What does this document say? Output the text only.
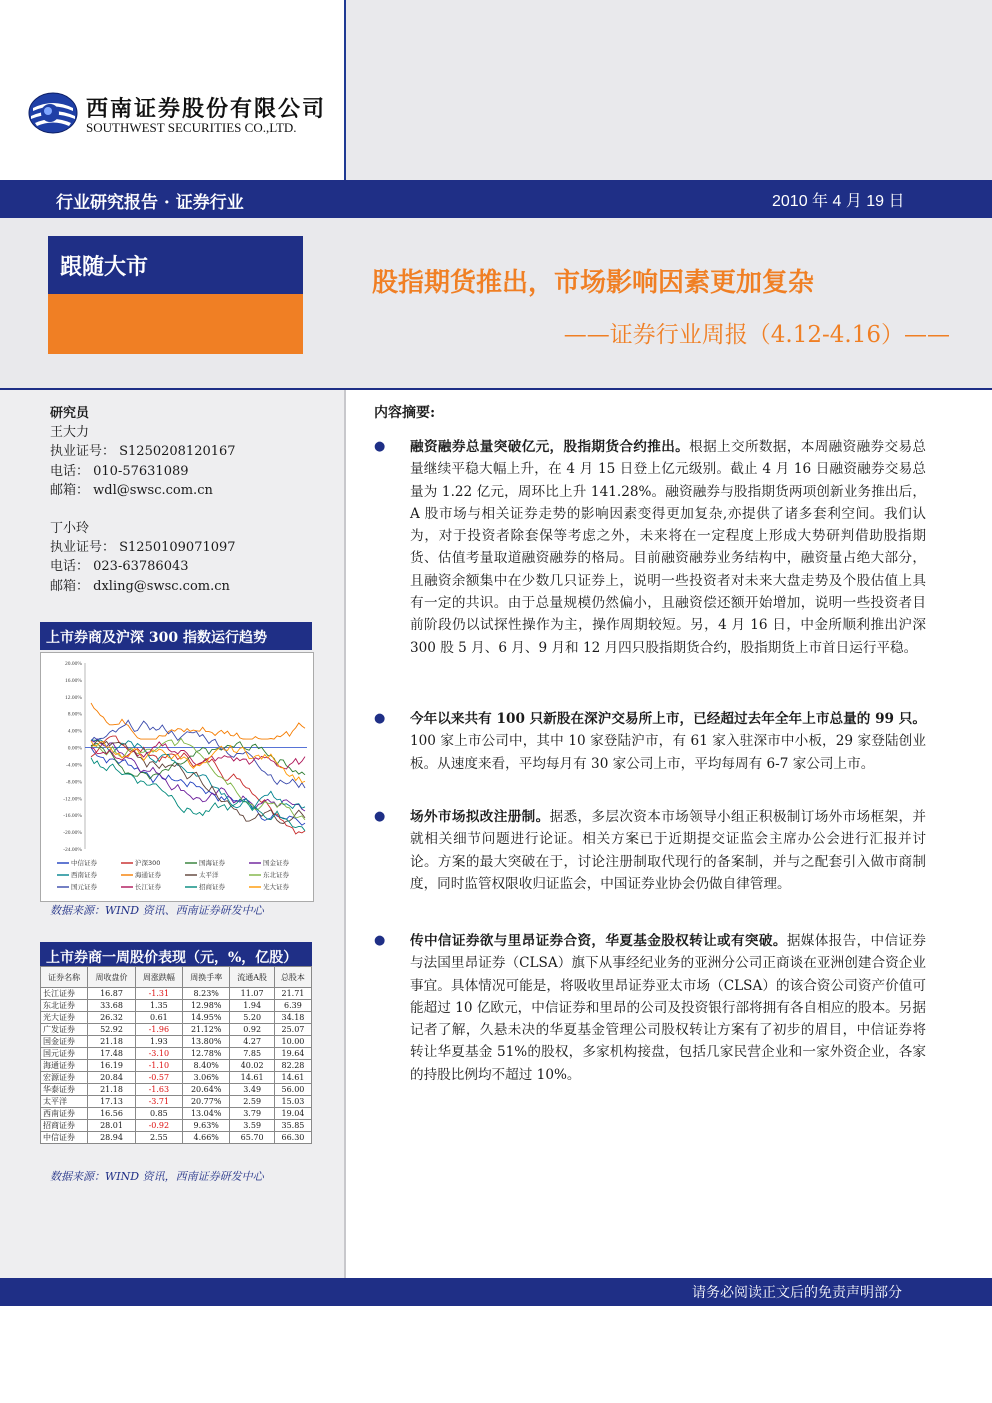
西南证券股份有限公司
SOUTHWEST SECURITIES CO.,LTD.
行业研究报告 · 证券行业	2010 年 4 月 19 日
跟随大市
股指期货推出，市场影响因素更加复杂
——证券行业周报（4.12-4.16）——
研究员
王大力
执业证号： S1250208120167
电话： 010-57631089
邮箱： wdl@swsc.com.cn
丁小玲
执业证号： S1250109071097
电话： 023-63786043
邮箱： dxling@swsc.com.cn
上市券商及沪深 300 指数运行趋势
20.00%
16.00%
12.00%
8.00%
4.00%
0.00%
-4.00%
-8.00%
-12.00%
-16.00%
-20.00%
-24.00%
中信证券	沪深300	国海证券	国金证券
西南证券	海通证券	太平洋	东北证券
国元证券	长江证券	招商证券	光大证券
数据来源：WIND 资讯、西南证券研发中心
上市券商一周股价表现（元，%，亿股）
证券名称	周收盘价	周涨跌幅	周换手率	流通A股	总股本
长江证券	16.87	-1.31	8.23%	11.07	21.71
东北证券	33.68	1.35	12.98%	1.94	6.39
光大证券	26.32	0.61	14.95%	5.20	34.18
广发证券	52.92	-1.96	21.12%	0.92	25.07
国金证券	21.18	1.93	13.80%	4.27	10.00
国元证券	17.48	-3.10	12.78%	7.85	19.64
海通证券	16.19	-1.10	8.40%	40.02	82.28
宏源证券	20.84	-0.57	3.06%	14.61	14.61
华泰证券	21.18	-1.63	20.64%	3.49	56.00
太平洋	17.13	-3.71	20.77%	2.59	15.03
西南证券	16.56	0.85	13.04%	3.79	19.04
招商证券	28.01	-0.92	9.63%	3.59	35.85
中信证券	28.94	2.55	4.66%	65.70	66.30
数据来源：WIND 资讯，西南证券研发中心
内容摘要:
● 融资融券总量突破亿元，股指期货合约推出。根据上交所数据，本周融资融券交易总量继续平稳大幅上升，在 4 月 15 日登上亿元级别。截止 4 月 16 日融资融券交易总量为 1.22 亿元，周环比上升 141.28%。融资融券与股指期货两项创新业务推出后，A 股市场与相关证券走势的影响因素变得更加复杂,亦提供了诸多套利空间。我们认为，对于投资者除套保等考虑之外，未来将在一定程度上形成大势研判借助股指期货、估值考量取道融资融券的格局。目前融资融券业务结构中，融资量占绝大部分，且融资余额集中在少数几只证券上，说明一些投资者对未来大盘走势及个股估值上具有一定的共识。由于总量规模仍然偏小，且融资偿还额开始增加，说明一些投资者目前阶段仍以试探性操作为主，操作周期较短。另，4 月 16 日，中金所顺利推出沪深 300 股 5 月、6 月、9 月和 12 月四只股指期货合约，股指期货上市首日运行平稳。
● 今年以来共有 100 只新股在深沪交易所上市，已经超过去年全年上市总量的 99 只。100 家上市公司中，其中 10 家登陆沪市，有 61 家入驻深市中小板，29 家登陆创业板。从速度来看，平均每月有 30 家公司上市，平均每周有 6-7 家公司上市。
● 场外市场拟改注册制。据悉，多层次资本市场领导小组正积极制订场外市场框架，并就相关细节问题进行论证。相关方案已于近期提交证监会主席办公会进行汇报并讨论。方案的最大突破在于，讨论注册制取代现行的备案制，并与之配套引入做市商制度，同时监管权限收归证监会，中国证券业协会仍做自律管理。
● 传中信证券欲与里昂证券合资，华夏基金股权转让或有突破。据媒体报告，中信证券与法国里昂证券（CLSA）旗下从事经纪业务的亚洲分公司正商谈在亚洲创建合资企业事宜。具体情况可能是，将吸收里昂证券亚太市场（CLSA）的该合资公司资产价值可能超过 10 亿欧元，中信证券和里昂的公司及投资银行部将拥有各自相应的股本。另据记者了解，久悬未决的华夏基金管理公司股权转让方案有了初步的眉目，中信证券将转让华夏基金 51%的股权，多家机构接盘，包括几家民营企业和一家外资企业，各家的持股比例均不超过 10%。
请务必阅读正文后的免责声明部分
